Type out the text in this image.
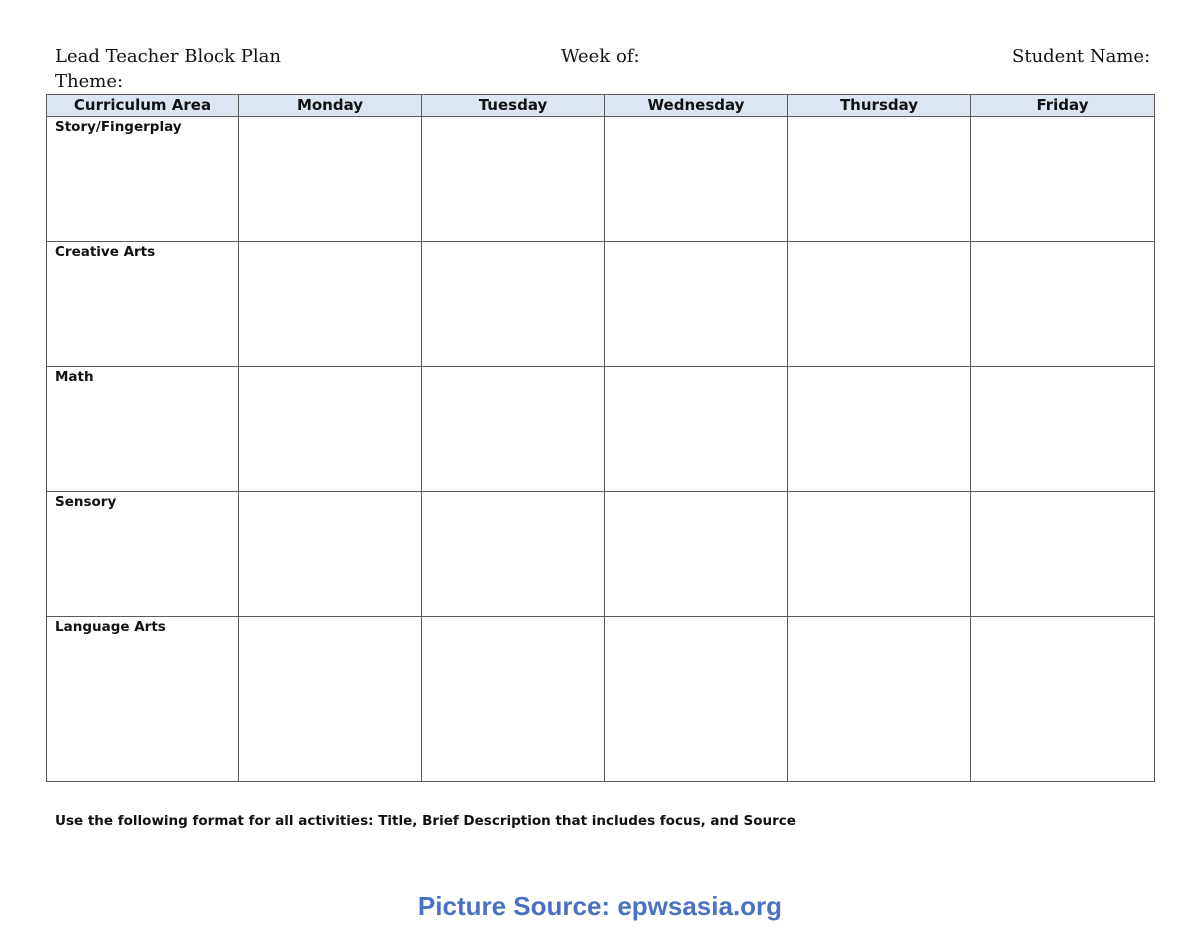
Lead Teacher Block Plan	Week of:	Student Name:
Theme:
Curriculum Area	Monday	Tuesday	Wednesday	Thursday	Friday
Story/Fingerplay					
Creative Arts					
Math					
Sensory					
Language Arts					
Use the following format for all activities: Title, Brief Description that includes focus, and Source
Picture Source: epwsasia.org
